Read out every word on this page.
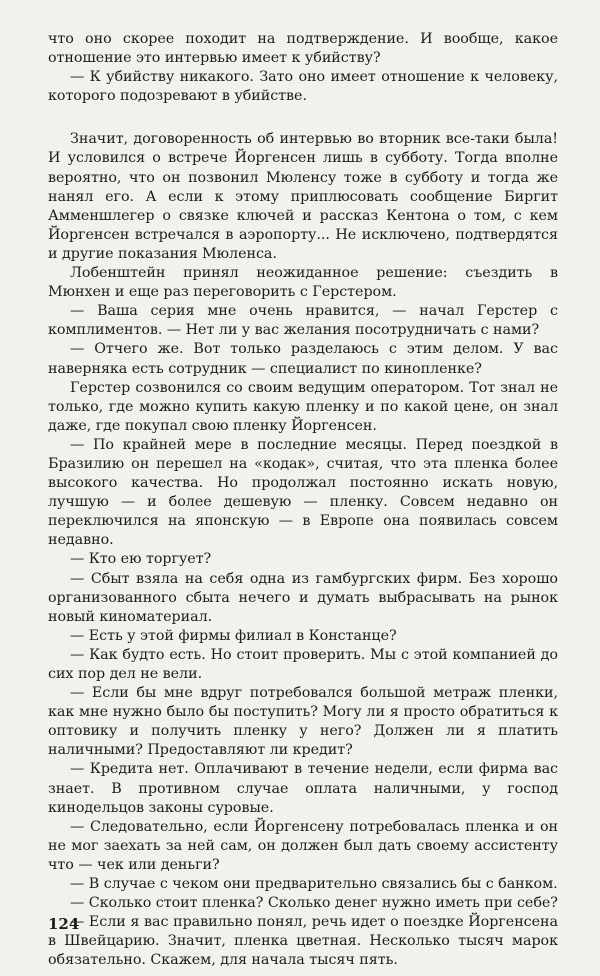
что оно скорее походит на подтверждение. И вообще, какое отношение это интервью имеет к убийству?

— К убийству никакого. Зато оно имеет отношение к человеку, которого подозревают в убийстве.

Значит, договоренность об интервью во вторник все-таки была! И условился о встрече Йоргенсен лишь в субботу. Тогда вполне вероятно, что он позвонил Мюленсу тоже в субботу и тогда же нанял его. А если к этому приплюсовать сообщение Биргит Амменшлегер о связке ключей и рассказ Кентона о том, с кем Йоргенсен встречался в аэропорту... Не исключено, подтвердятся и другие показания Мюленса.

Лобенштейн принял неожиданное решение: съездить в Мюнхен и еще раз переговорить с Герстером.

— Ваша серия мне очень нравится, — начал Герстер с комплиментов. — Нет ли у вас желания посотрудничать с нами?

— Отчего же. Вот только разделаюсь с этим делом. У вас наверняка есть сотрудник — специалист по кинопленке?

Герстер созвонился со своим ведущим оператором. Тот знал не только, где можно купить какую пленку и по какой цене, он знал даже, где покупал свою пленку Йоргенсен.

— По крайней мере в последние месяцы. Перед поездкой в Бразилию он перешел на «кодак», считая, что эта пленка более высокого качества. Но продолжал постоянно искать новую, лучшую — и более дешевую — пленку. Совсем недавно он переключился на японскую — в Европе она появилась совсем недавно.

— Кто ею торгует?

— Сбыт взяла на себя одна из гамбургских фирм. Без хорошо организованного сбыта нечего и думать выбрасывать на рынок новый киноматериал.

— Есть у этой фирмы филиал в Констанце?

— Как будто есть. Но стоит проверить. Мы с этой компанией до сих пор дел не вели.

— Если бы мне вдруг потребовался большой метраж пленки, как мне нужно было бы поступить? Могу ли я просто обратиться к оптовику и получить пленку у него? Должен ли я платить наличными? Предоставляют ли кредит?

— Кредита нет. Оплачивают в течение недели, если фирма вас знает. В противном случае оплата наличными, у господ кинодельцов законы суровые.

— Следовательно, если Йоргенсену потребовалась пленка и он не мог заехать за ней сам, он должен был дать своему ассистенту что — чек или деньги?

— В случае с чеком они предварительно связались бы с банком.

— Сколько стоит пленка? Сколько денег нужно иметь при себе?

— Если я вас правильно понял, речь идет о поездке Йоргенсена в Швейцарию. Значит, пленка цветная. Несколько тысяч марок обязательно. Скажем, для начала тысяч пять.

124
